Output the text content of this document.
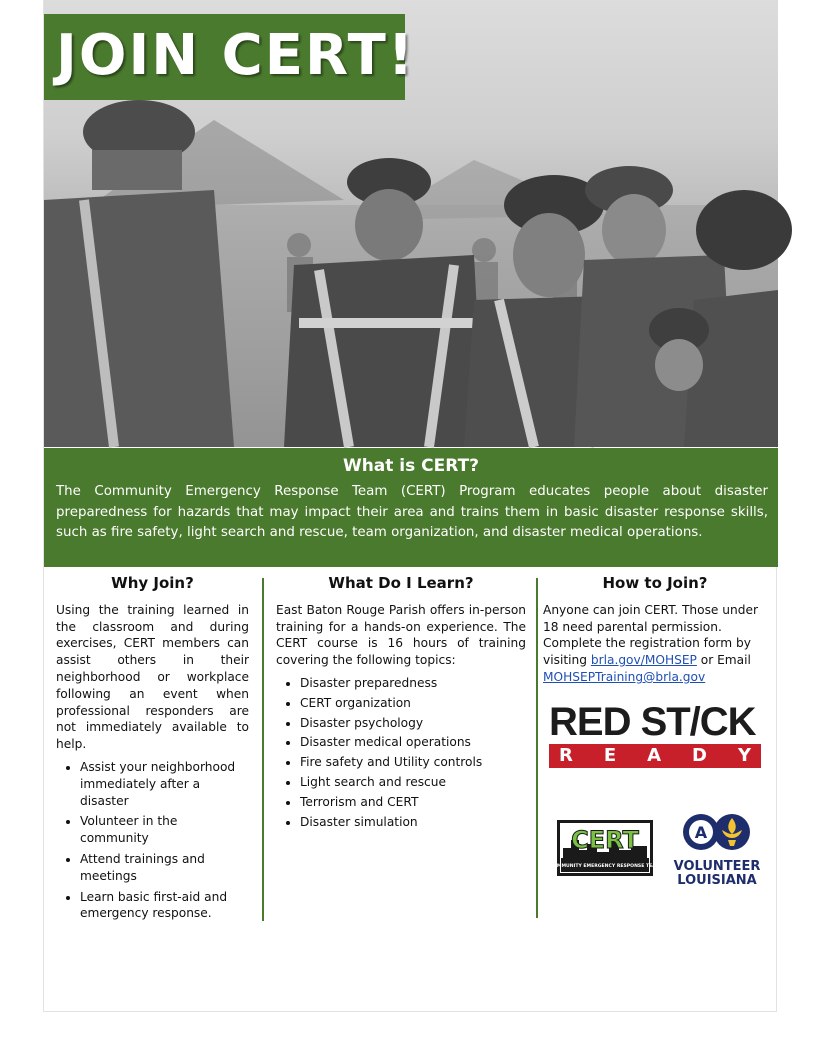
JOIN CERT!
What is CERT?
The Community Emergency Response Team (CERT) Program educates people about disaster preparedness for hazards that may impact their area and trains them in basic disaster response skills, such as fire safety, light search and rescue, team organization, and disaster medical operations.
Why Join?
Using the training learned in the classroom and during exercises, CERT members can assist others in their neighborhood or workplace following an event when professional responders are not immediately available to help.
• Assist your neighborhood immediately after a disaster
• Volunteer in the community
• Attend trainings and meetings
• Learn basic first-aid and emergency response.
What Do I Learn?
East Baton Rouge Parish offers in-person training for a hands-on experience. The CERT course is 16 hours of training covering the following topics:
• Disaster preparedness
• CERT organization
• Disaster psychology
• Disaster medical operations
• Fire safety and Utility controls
• Light search and rescue
• Terrorism and CERT
• Disaster simulation
How to Join?
Anyone can join CERT. Those under 18 need parental permission. Complete the registration form by visiting brla.gov/MOHSEP or Email MOHSEPTraining@brla.gov
RED ST/CK
R E A D Y
CERT
COMMUNITY EMERGENCY RESPONSE TEAM
A
VOLUNTEER
LOUISIANA
